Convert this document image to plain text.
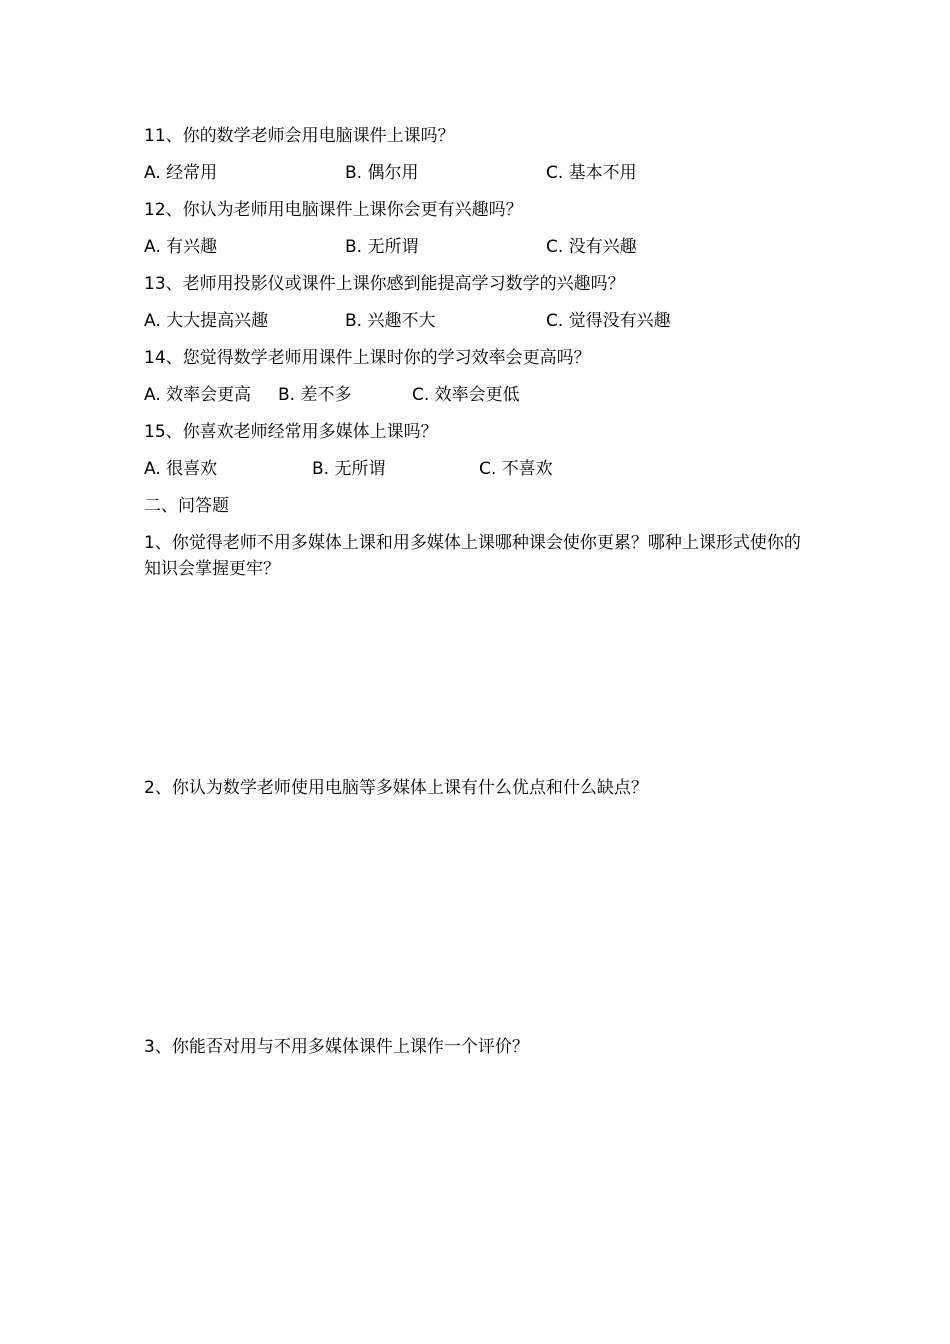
11、你的数学老师会用电脑课件上课吗？
A. 经常用	B. 偶尔用	C. 基本不用
12、你认为老师用电脑课件上课你会更有兴趣吗？
A. 有兴趣	B. 无所谓	C. 没有兴趣
13、老师用投影仪或课件上课你感到能提高学习数学的兴趣吗？
A. 大大提高兴趣	B. 兴趣不大	C. 觉得没有兴趣
14、您觉得数学老师用课件上课时你的学习效率会更高吗？
A. 效率会更高 B. 差不多	C. 效率会更低
15、你喜欢老师经常用多媒体上课吗？
A. 很喜欢	B. 无所谓	C. 不喜欢
二、问答题
1、你觉得老师不用多媒体上课和用多媒体上课哪种课会使你更累？哪种上课形式使你的知识会掌握更牢？
2、你认为数学老师使用电脑等多媒体上课有什么优点和什么缺点？
3、你能否对用与不用多媒体课件上课作一个评价？
